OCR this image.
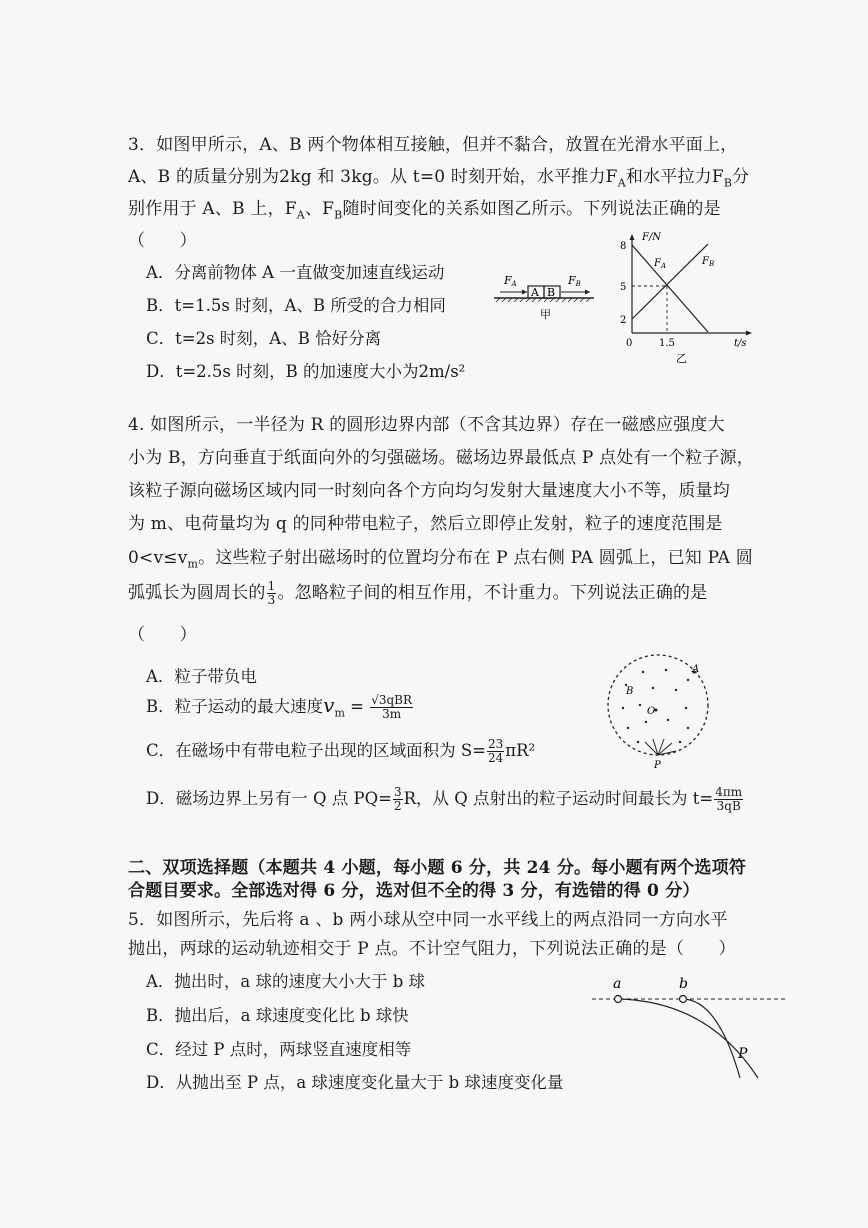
3．如图甲所示，A、B 两个物体相互接触，但并不黏合，放置在光滑水平面上，
A、B 的质量分别为2kg 和 3kg。从 t=0 时刻开始，水平推力$F_A$和水平拉力$F_B$分
别作用于 A、B 上，$F_A$、$F_B$随时间变化的关系如图乙所示。下列说法正确的是
（　　）
A．分离前物体 A 一直做变加速直线运动
B．t=1.5s 时刻，A、B 所受的合力相同
C．t=2s 时刻，A、B 恰好分离
D．t=2.5s 时刻，B 的加速度大小为2m/s²
A B
FA	FB
甲
F/N
t/s
8
5
2
0	1.5
$F_A$	$F_B$
乙
4. 如图所示，一半径为 R 的圆形边界内部（不含其边界）存在一磁感应强度大
小为 B，方向垂直于纸面向外的匀强磁场。磁场边界最低点 P 点处有一个粒子源，
该粒子源向磁场区域内同一时刻向各个方向均匀发射大量速度大小不等，质量均
为 m、电荷量均为 q 的同种带电粒子，然后立即停止发射，粒子的速度范围是
$0<v\le v_m$。这些粒子射出磁场时的位置均分布在 P 点右侧 PA 圆弧上，已知 PA 圆
弧弧长为圆周长的 $\frac{1}{3}$ 。忽略粒子间的相互作用，不计重力。下列说法正确的是
（　　）
A．粒子带负电
B．粒子运动的最大速度$v_m = \frac{\text{√3qBR}}{3m}$
C．在磁场中有带电粒子出现的区域面积为 $S= \frac{23}{24} \pi R^2$
D．磁场边界上另有一 Q 点 $PQ= \frac{3}{2}$ R，从 Q 点射出的粒子运动时间最长为 $t= \frac{4\pi m}{3qB}$
O
B
A
P
二、双项选择题（本题共 4 小题，每小题 6 分，共 24 分。每小题有两个选项符
合题目要求。全部选对得 6 分，选对但不全的得 3 分，有选错的得 0 分）
5．如图所示，先后将 a 、b 两小球从空中同一水平线上的两点沿同一方向水平
抛出，两球的运动轨迹相交于 P 点。不计空气阻力，下列说法正确的是（　　）
A．抛出时，a 球的速度大小大于 b 球
B．抛出后，a 球速度变化比 b 球快
C．经过 P 点时，两球竖直速度相等
D．从抛出至 P 点，a 球速度变化量大于 b 球速度变化量
a	b
P
